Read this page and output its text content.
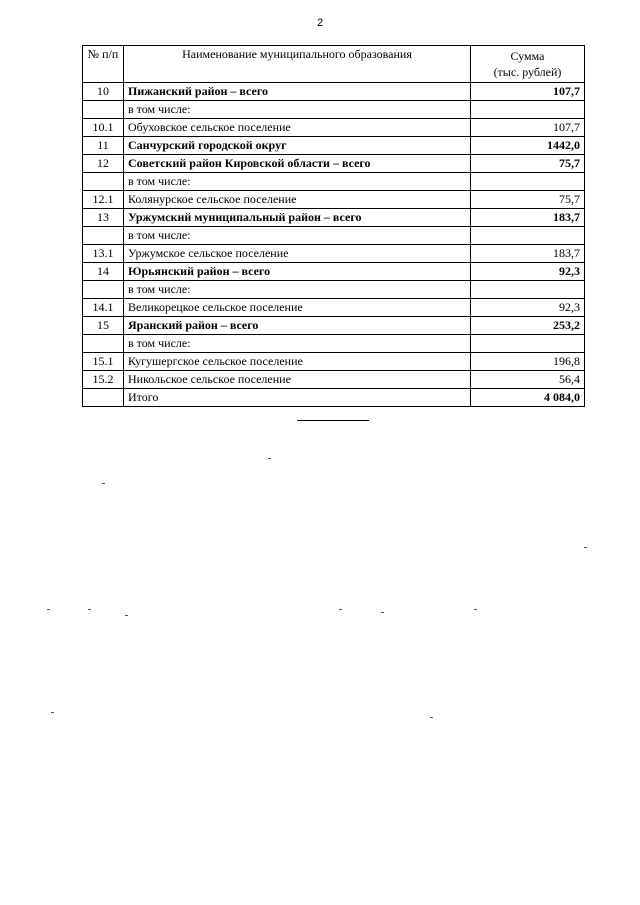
2
№ п/п	Наименование муниципального образования	Сумма
(тыс. рублей)
10	Пижанский район – всего	107,7
	в том числе:	
10.1	Обуховское сельское поселение	107,7
11	Санчурский городской округ	1442,0
12	Советский район Кировской области – всего	75,7
	в том числе:	
12.1	Колянурское сельское поселение	75,7
13	Уржумский муниципальный район – всего	183,7
	в том числе:	
13.1	Уржумское сельское поселение	183,7
14	Юрьянский район – всего	92,3
	в том числе:	
14.1	Великорецкое сельское поселение	92,3
15	Яранский район – всего	253,2
	в том числе:	
15.1	Кугушергское сельское поселение	196,8
15.2	Никольское сельское поселение	56,4
	Итого	4 084,0
